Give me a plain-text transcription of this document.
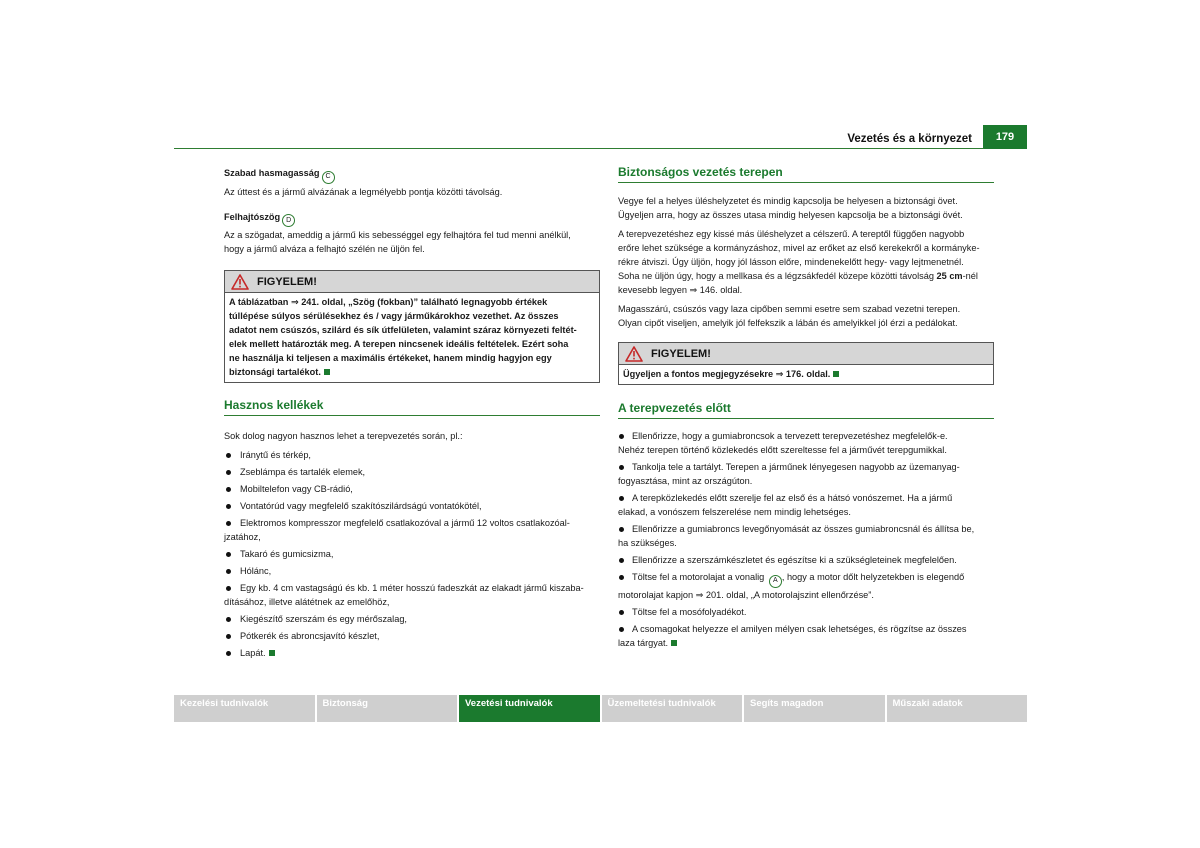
Vezetés és a környezet	179

Szabad hasmagasság C

Az úttest és a jármű alvázának a legmélyebb pontja közötti távolság.

Felhajtószög D

Az a szögadat, ameddig a jármű kis sebességgel egy felhajtóra fel tud menni anélkül,

hogy a jármű alváza a felhajtó szélén ne üljön fel.

FIGYELEM!
A táblázatban ⇒ 241. oldal, „Szög (fokban)” található legnagyobb értékek
túllépése súlyos sérülésekhez és / vagy járműkárokhoz vezethet. Az összes
adatot nem csúszós, szilárd és sík útfelületen, valamint száraz környezeti feltét-
elek mellett határozták meg. A terepen nincsenek ideális feltételek. Ezért soha
ne használja ki teljesen a maximális értékeket, hanem mindig hagyjon egy
biztonsági tartalékot.
Hasznos kellékek

Sok dolog nagyon hasznos lehet a terepvezetés során, pl.:

Iránytű és térkép,
Zseblámpa és tartalék elemek,
Mobiltelefon vagy CB-rádió,
Vontatórúd vagy megfelelő szakítószilárdságú vontatókötél,
Elektromos kompresszor megfelelő csatlakozóval a jármű 12 voltos csatlakozóal-
jzatához,
Takaró és gumicsizma,
Hólánc,
Egy kb. 4 cm vastagságú és kb. 1 méter hosszú fadeszkát az elakadt jármű kiszaba-
dításához, illetve alátétnek az emelőhöz,
Kiegészítő szerszám és egy mérőszalag,
Pótkerék és abroncsjavító készlet,
Lapát.
Biztonságos vezetés terepen

Vegye fel a helyes üléshelyzetet és mindig kapcsolja be helyesen a biztonsági övet.
Ügyeljen arra, hogy az összes utasa mindig helyesen kapcsolja be a biztonsági övét.

A terepvezetéshez egy kissé más üléshelyzet a célszerű. A tereptől függően nagyobb
erőre lehet szüksége a kormányzáshoz, mivel az erőket az első kerekekről a kormányke-
rékre átviszi. Úgy üljön, hogy jól lásson előre, mindenekelőtt hegy- vagy lejtmenetnél.
Soha ne üljön úgy, hogy a mellkasa és a légzsákfedél közepe közötti távolság 25 cm-nél
kevesebb legyen ⇒ 146. oldal.

Magasszárú, csúszós vagy laza cipőben semmi esetre sem szabad vezetni terepen.
Olyan cipőt viseljen, amelyik jól felfekszik a lábán és amelyikkel jól érzi a pedálokat.

FIGYELEM!
Ügyeljen a fontos megjegyzésekre ⇒ 176. oldal.
A terepvezetés előtt
Ellenőrizze, hogy a gumiabroncsok a tervezett terepvezetéshez megfelelők-e.
Nehéz terepen történő közlekedés előtt szereltesse fel a járművét terepgumikkal.
Tankolja tele a tartályt. Terepen a járműnek lényegesen nagyobb az üzemanyag-
fogyasztása, mint az országúton.
A terepközlekedés előtt szerelje fel az első és a hátsó vonószemet. Ha a jármű
elakad, a vonószem felszerelése nem mindig lehetséges.
Ellenőrizze a gumiabroncs levegőnyomását az összes gumiabroncsnál és állítsa be,
ha szükséges.
Ellenőrizze a szerszámkészletet és egészítse ki a szükségleteinek megfelelően.
Töltse fel a motorolajat a vonalig A , hogy a motor dőlt helyzetekben is elegendő
motorolajat kapjon ⇒ 201. oldal, „A motorolajszint ellenőrzése”.
Töltse fel a mosófolyadékot.
A csomagokat helyezze el amilyen mélyen csak lehetséges, és rögzítse az összes
laza tárgyat.
Kezelési tudnivalók	Biztonság	Vezetési tudnivalók	Üzemeltetési tudnivalók	Segíts magadon	Műszaki adatok
